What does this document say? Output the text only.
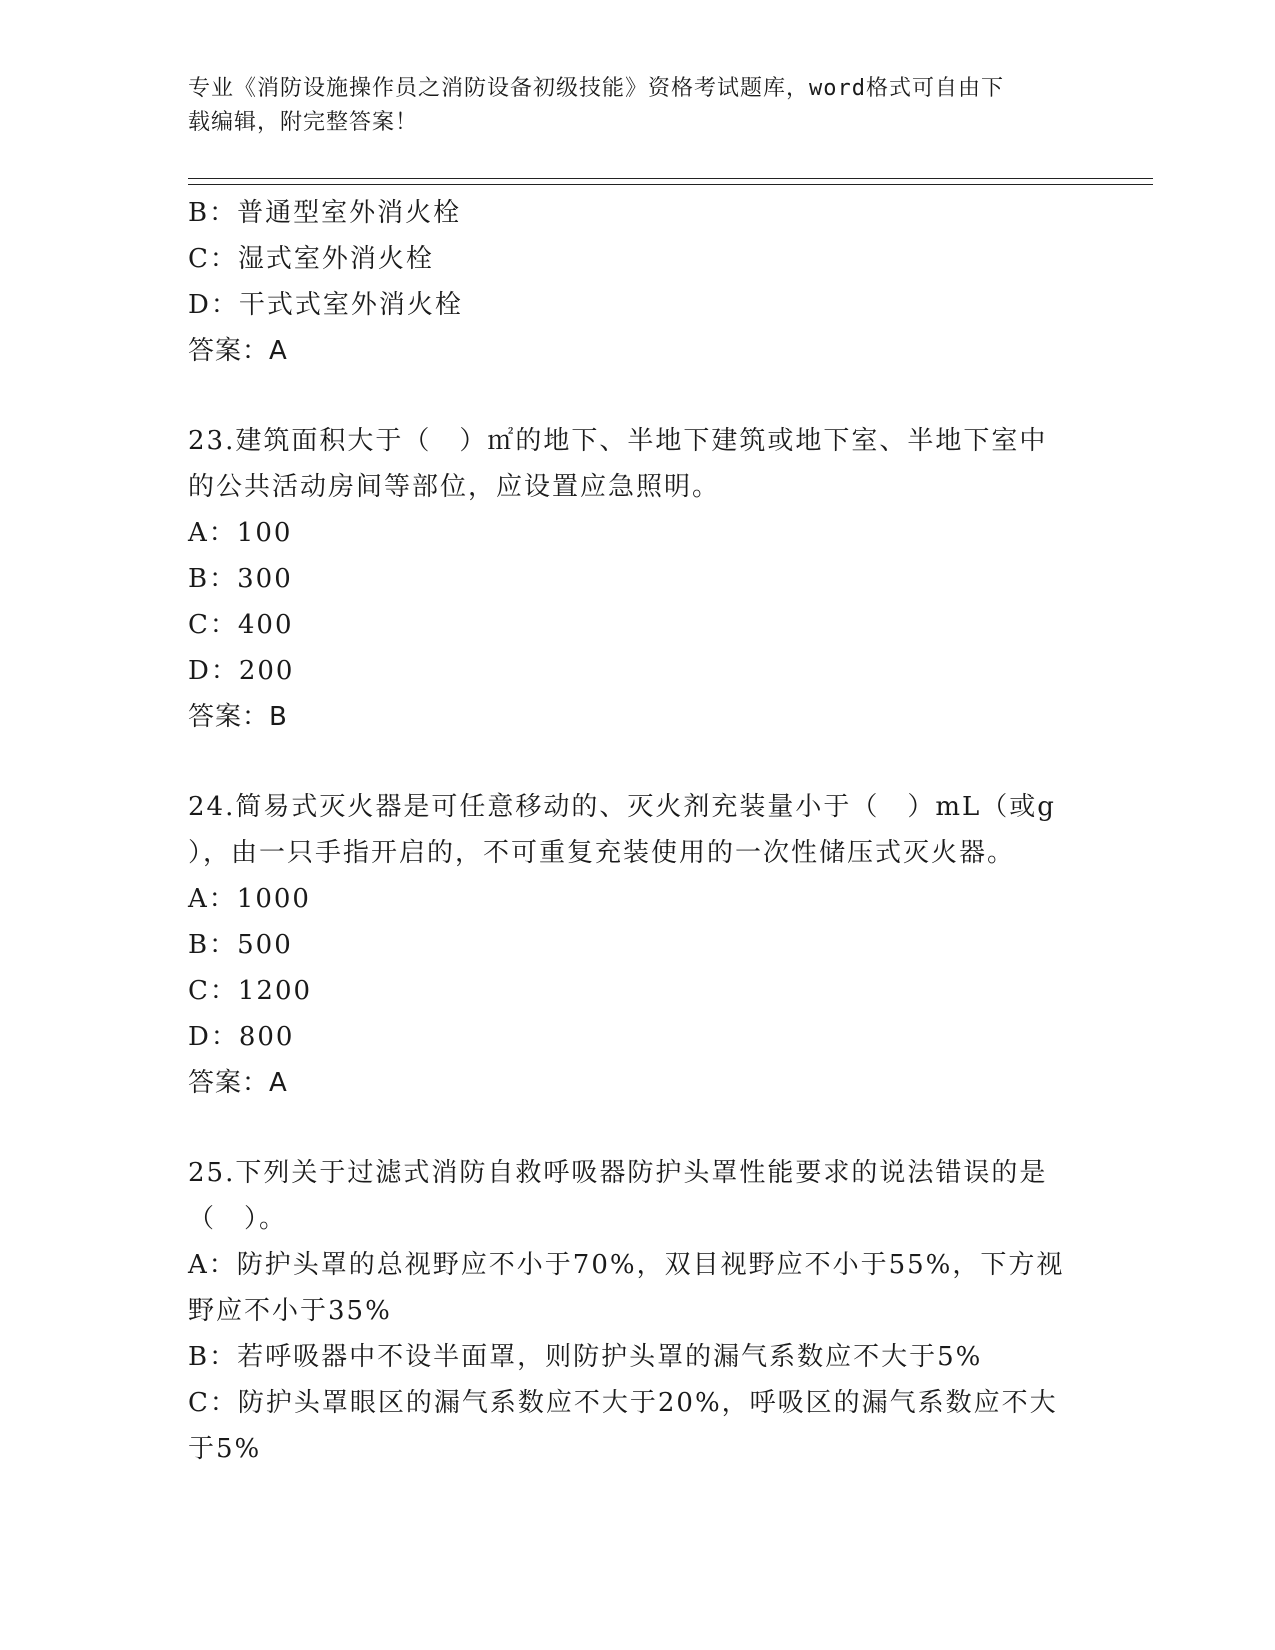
专业《消防设施操作员之消防设备初级技能》资格考试题库，word格式可自由下
载编辑，附完整答案！

B：普通型室外消火栓

C：湿式室外消火栓

D：干式式室外消火栓

答案：A

23.建筑面积大于（　）㎡的地下、半地下建筑或地下室、半地下室中

的公共活动房间等部位，应设置应急照明。

A：100

B：300

C：400

D：200

答案：B

24.简易式灭火器是可任意移动的、灭火剂充装量小于（　）mL（或g

），由一只手指开启的，不可重复充装使用的一次性储压式灭火器。

A：1000

B：500

C：1200

D：800

答案：A

25.下列关于过滤式消防自救呼吸器防护头罩性能要求的说法错误的是

（　）。

A：防护头罩的总视野应不小于70%，双目视野应不小于55%，下方视

野应不小于35%

B：若呼吸器中不设半面罩，则防护头罩的漏气系数应不大于5%

C：防护头罩眼区的漏气系数应不大于20%，呼吸区的漏气系数应不大

于5%
